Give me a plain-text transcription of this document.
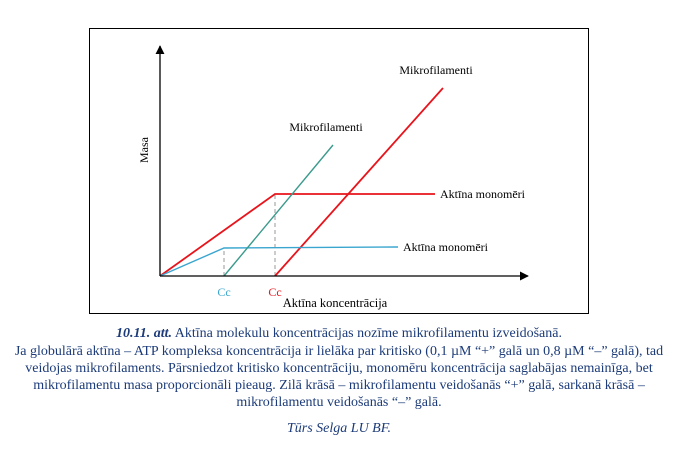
Masa
Aktīna koncentrācija
Cc	Cc
Aktīna monomēri
Mikrofilamenti
Aktīna monomēri
Mikrofilamenti
10.11. att. Aktīna molekulu koncentrācijas nozīme mikrofilamentu izveidošanā.
Ja globulārā aktīna – ATP kompleksa koncentrācija ir lielāka par kritisko (0,1 µM “+” galā un 0,8 µM “–” galā), tad veidojas mikrofilaments. Pārsniedzot kritisko koncentrāciju, monomēru koncentrācija saglabājas nemainīga, bet mikrofilamentu masa proporcionāli pieaug. Zilā krāsā – mikrofilamentu veidošanās “+” galā, sarkanā krāsā – mikrofilamentu veidošanās “–” galā.
Tūrs Selga LU BF.
